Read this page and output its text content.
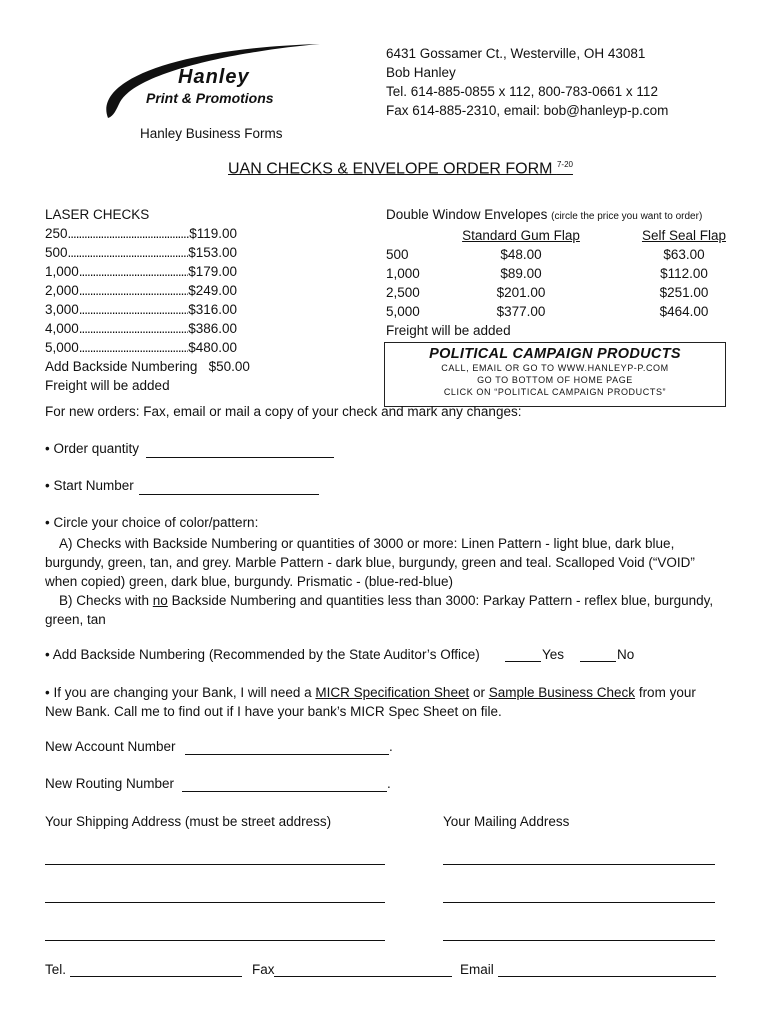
Hanley
Print & Promotions
Hanley Business Forms
6431 Gossamer Ct., Westerville, OH 43081
Bob Hanley
Tel. 614-885-0855 x 112, 800-783-0661 x 112
Fax 614-885-2310, email: bob@hanleyp-p.com
UAN CHECKS & ENVELOPE ORDER FORM $^{7-20}$
LASER CHECKS
250 .....	$119.00
500 .....	$153.00
1,000 .....	$179.00
2,000 .....	$249.00
3,000 .....	$316.00
4,000 .....	$386.00
5,000 .....	$480.00
Add Backside Numbering   $50.00
Freight will be added
Double Window Envelopes (circle the price you want to order)
	Standard Gum Flap	Self Seal Flap
500	$48.00	$63.00
1,000	$89.00	$112.00
2,500	$201.00	$251.00
5,000	$377.00	$464.00
Freight will be added
POLITICAL CAMPAIGN PRODUCTS
CALL, EMAIL OR GO TO WWW.HANLEYP-P.COM
GO TO BOTTOM OF HOME PAGE
CLICK ON “POLITICAL CAMPAIGN PRODUCTS”
For new orders: Fax, email or mail a copy of your check and mark any changes:
• Order quantity
• Start Number
• Circle your choice of color/pattern:
A) Checks with Backside Numbering or quantities of 3000 or more: Linen Pattern - light blue, dark blue, burgundy, green, tan, and grey. Marble Pattern - dark blue, burgundy, green and teal. Scalloped Void (“VOID” when copied) green, dark blue, burgundy. Prismatic - (blue-red-blue)
B) Checks with no Backside Numbering and quantities less than 3000: Parkay Pattern - reflex blue, burgundy, green, tan
• Add Backside Numbering (Recommended by the State Auditor’s Office)	Yes	No
• If you are changing your Bank, I will need a MICR Specification Sheet or Sample Business Check from your New Bank. Call me to find out if I have your bank’s MICR Spec Sheet on file.
New Account Number	.
New Routing Number	.
Your Shipping Address (must be street address)	Your Mailing Address
Tel.	Fax	Email
